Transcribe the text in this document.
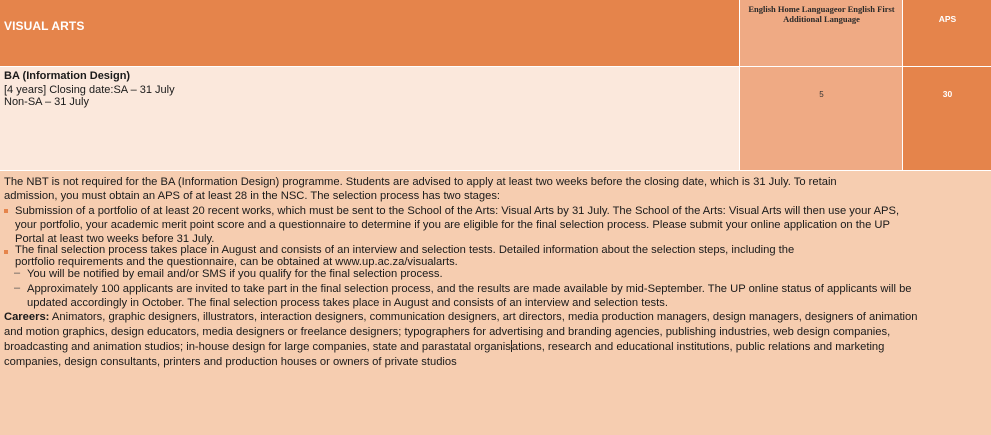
VISUAL ARTS
English Home Languageor English First Additional Language	APS
BA (Information Design)
[4 years] Closing date:SA – 31 July
Non-SA – 31 July
5	30
The NBT is not required for the BA (Information Design) programme. Students are advised to apply at least two weeks before the closing date, which is 31 July. To retain
admission, you must obtain an APS of at least 28 in the NSC. The selection process has two stages:
Submission of a portfolio of at least 20 recent works, which must be sent to the School of the Arts: Visual Arts by 31 July. The School of the Arts: Visual Arts will then use your APS,
your portfolio, your academic merit point score and a questionnaire to determine if you are eligible for the final selection process. Please submit your online application on the UP
Portal at least two weeks before 31 July.
The final selection process takes place in August and consists of an interview and selection tests. Detailed information about the selection steps, including the
portfolio requirements and the questionnaire, can be obtained at www.up.ac.za/visualarts.
– You will be notified by email and/or SMS if you qualify for the final selection process.
– Approximately 100 applicants are invited to take part in the final selection process, and the results are made available by mid-September. The UP online status of applicants will be
updated accordingly in October. The final selection process takes place in August and consists of an interview and selection tests.
Careers: Animators, graphic designers, illustrators, interaction designers, communication designers, art directors, media production managers, design managers, designers of animation
and motion graphics, design educators, media designers or freelance designers; typographers for advertising and branding agencies, publishing industries, web design companies,
broadcasting and animation studios; in-house design for large companies, state and parastatal organisations, research and educational institutions, public relations and marketing
companies, design consultants, printers and production houses or owners of private studios
